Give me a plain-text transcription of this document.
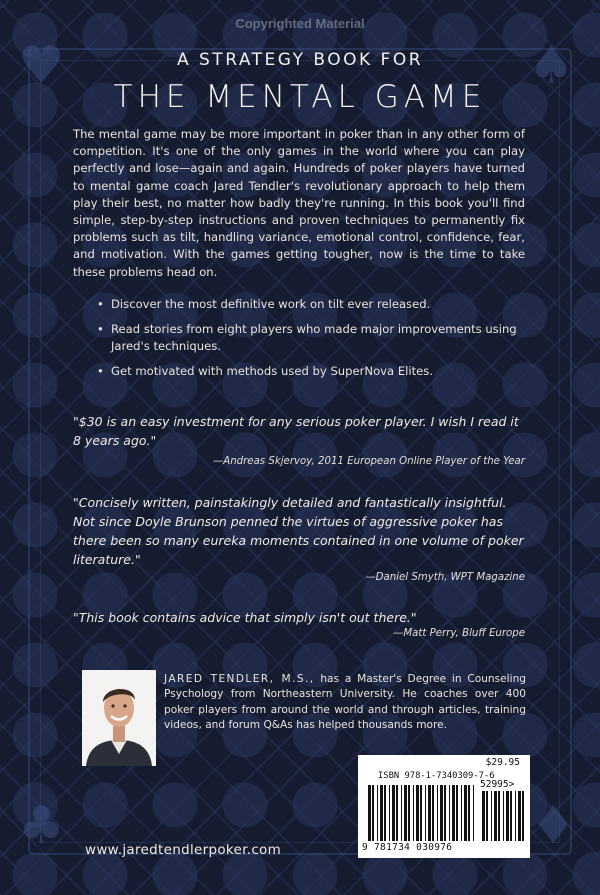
♥	♠
♣	♦
Copyrighted Material
A STRATEGY BOOK FOR
THE MENTAL GAME
The mental game may be more important in poker than in any other form of competition. It's one of the only games in the world where you can play perfectly and lose—again and again. Hundreds of poker players have turned to mental game coach Jared Tendler's revolutionary approach to help them play their best, no matter how badly they're running. In this book you'll find simple, step-by-step instructions and proven techniques to permanently fix problems such as tilt, handling variance, emotional control, confidence, fear, and motivation. With the games getting tougher, now is the time to take these problems head on.
• Discover the most definitive work on tilt ever released.
• Read stories from eight players who made major improvements using Jared's techniques.
• Get motivated with methods used by SuperNova Elites.
"$30 is an easy investment for any serious poker player. I wish I read it 8 years ago."
—Andreas Skjervoy, 2011 European Online Player of the Year
"Concisely written, painstakingly detailed and fantastically insightful. Not since Doyle Brunson penned the virtues of aggressive poker has there been so many eureka moments contained in one volume of poker literature."
—Daniel Smyth, WPT Magazine
"This book contains advice that simply isn't out there."
—Matt Perry, Bluff Europe
JARED TENDLER, M.S., has a Master's Degree in Counseling Psychology from Northeastern University. He coaches over 400 poker players from around the world and through articles, training videos, and forum Q&As has helped thousands more.
$29.95
ISBN 978-1-7340309-7-6
52995>
9 781734 030976
www.jaredtendlerpoker.com
